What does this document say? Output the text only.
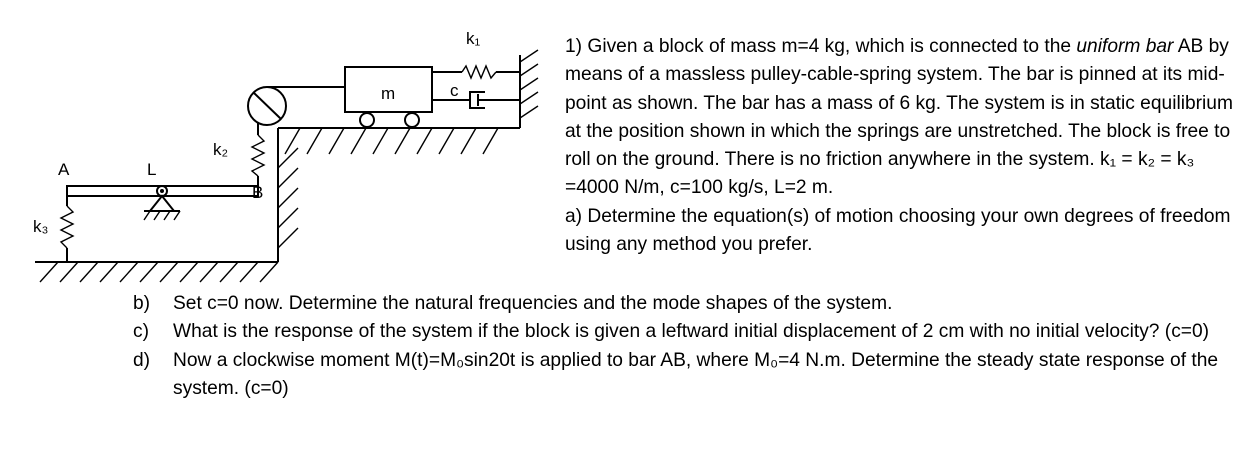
A	L
B
m	c
k₁
k₂
k₃

1) Given a block of mass m=4 kg, which is connected to the uniform bar AB by means of a massless pulley-cable-spring system. The bar is pinned at its mid-point as shown. The bar has a mass of 6 kg. The system is in static equilibrium at the position shown in which the springs are unstretched. The block is free to roll on the ground. There is no friction anywhere in the system. k₁ = k₂ = k₃ =4000 N/m, c=100 kg/s, L=2 m.

a) Determine the equation(s) of motion choosing your own degrees of freedom using any method you prefer.

b)	Set c=0 now. Determine the natural frequencies and the mode shapes of the system.
c)	What is the response of the system if the block is given a leftward initial displacement of 2 cm with no initial velocity? (c=0)
d)	Now a clockwise moment M(t)=M₀sin20t is applied to bar AB, where M₀=4 N.m. Determine the steady state response of the system. (c=0)
